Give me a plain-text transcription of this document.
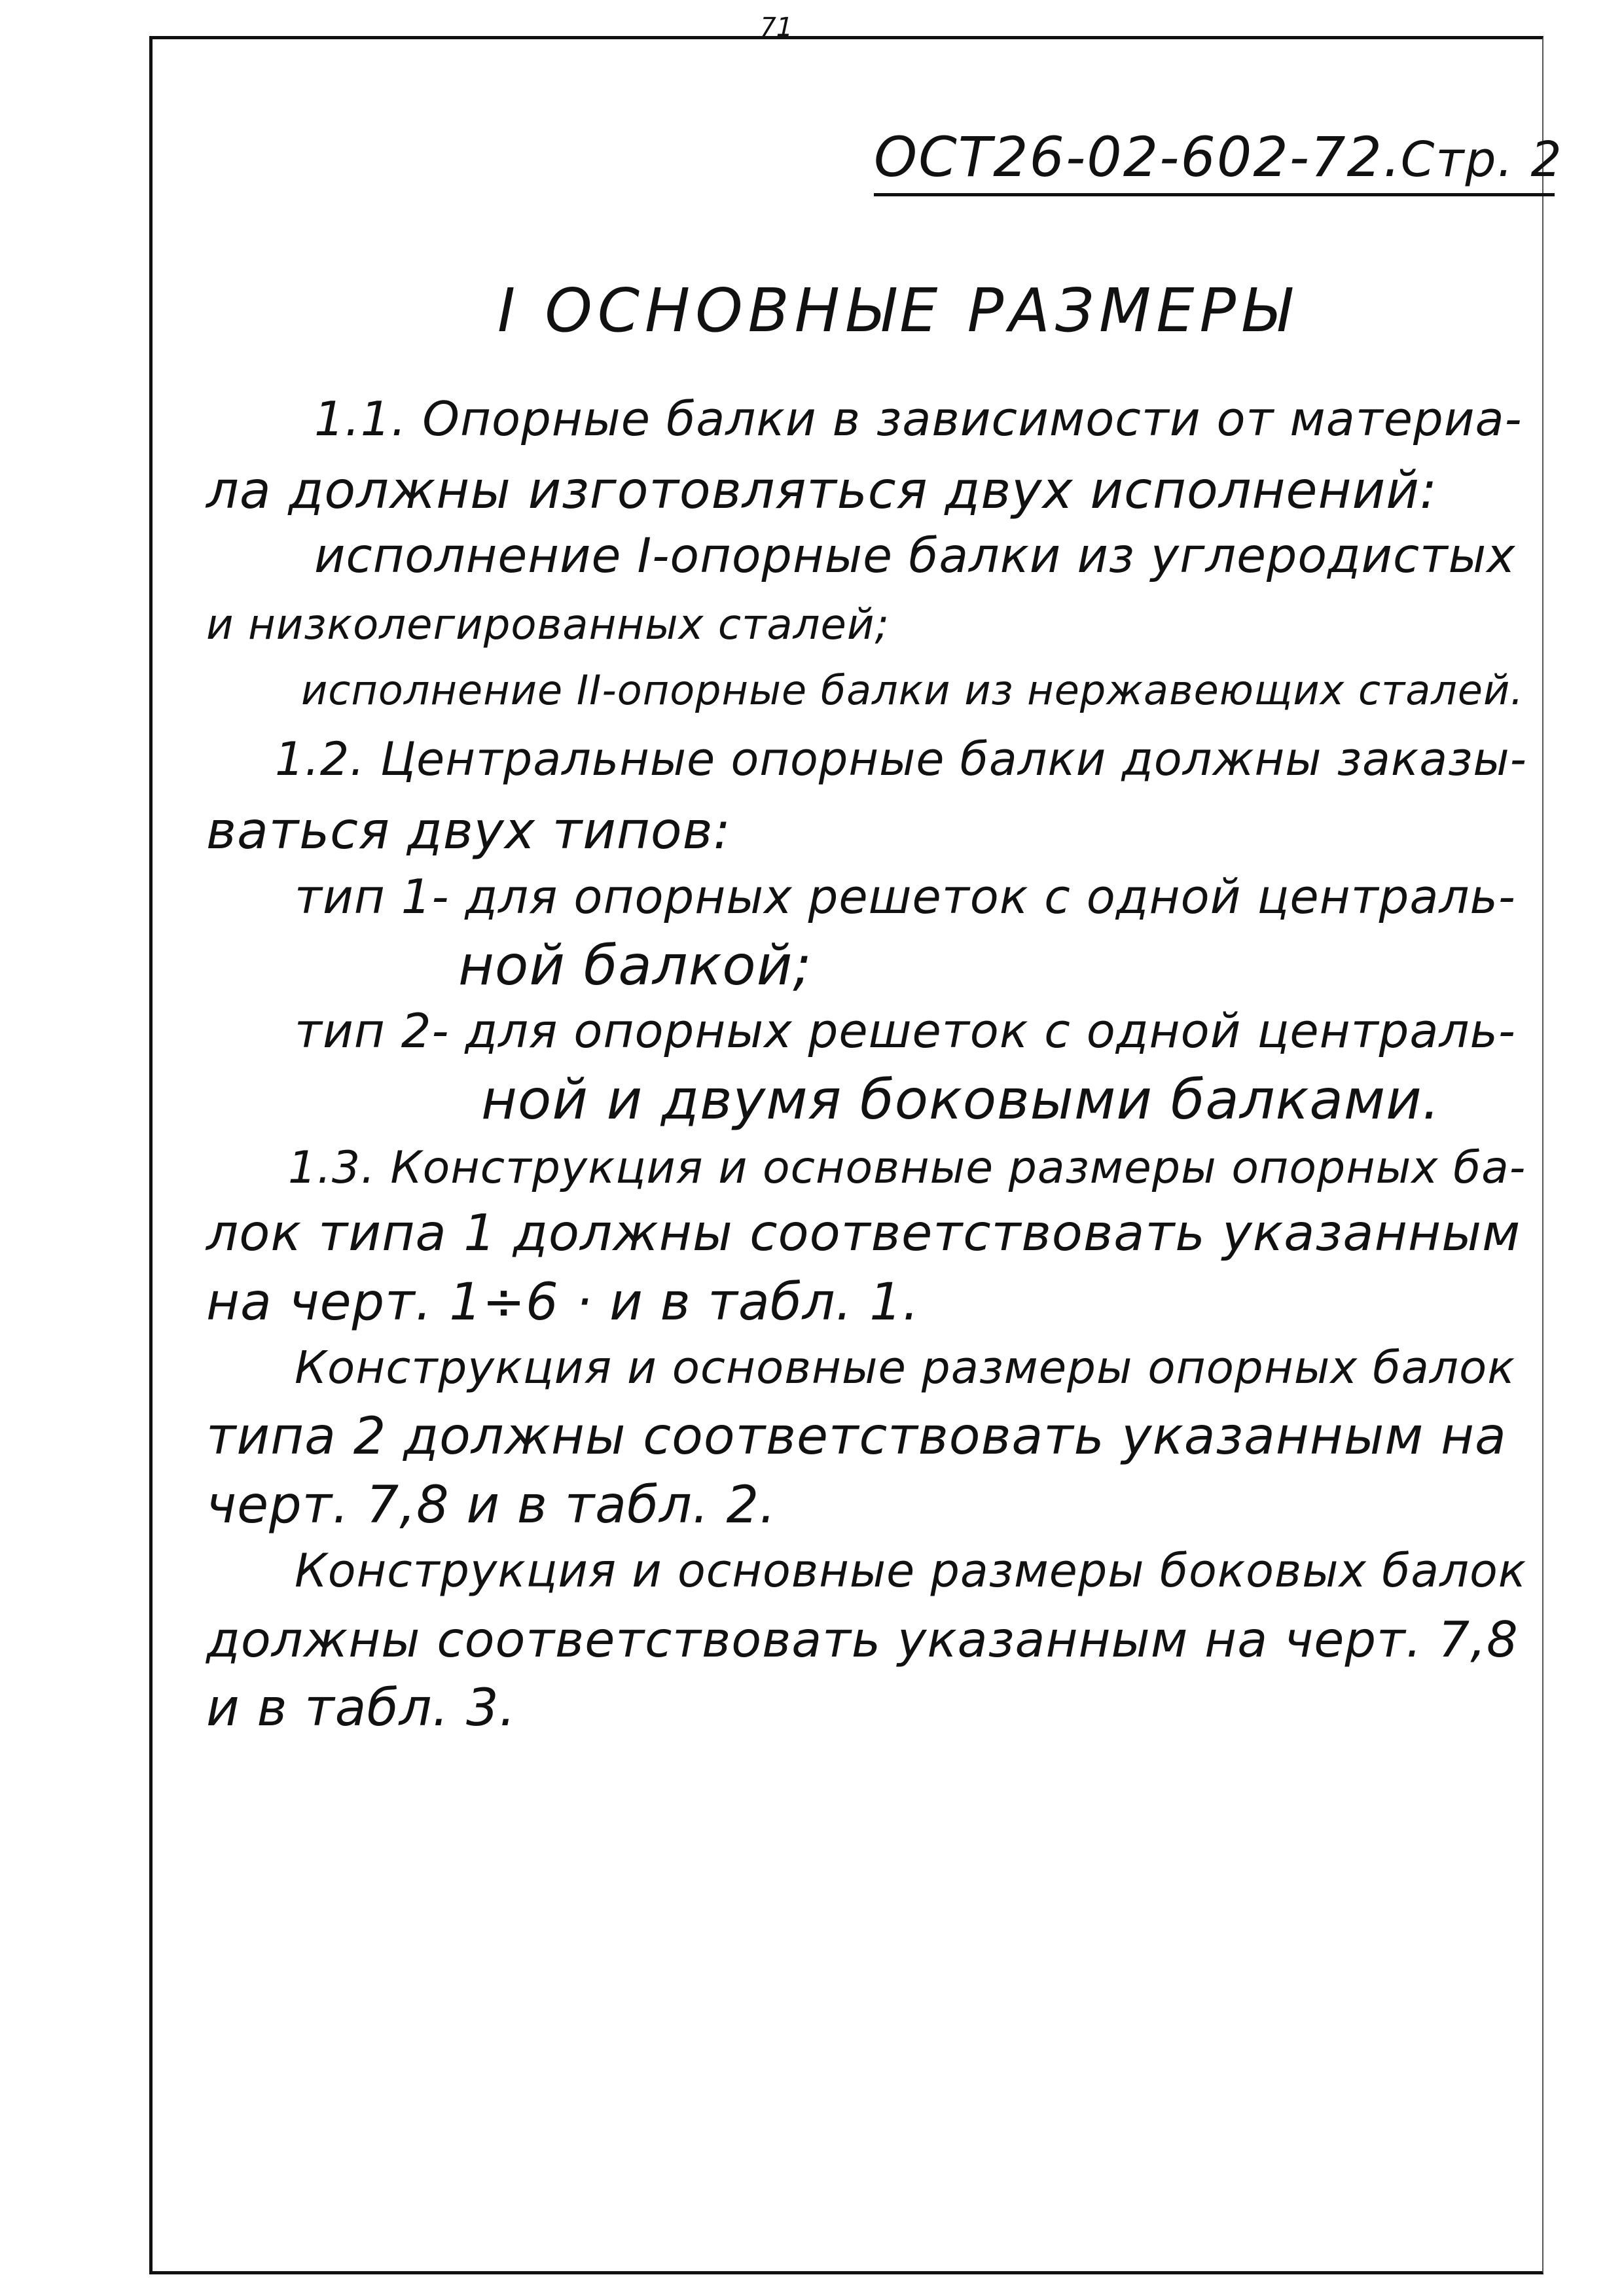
71
ОСТ26-02-602-72.Стр. 2
I ОСНОВНЫЕ РАЗМЕРЫ
1.1. Опорные балки в зависимости от материа-
ла должны изготовляться двух исполнений:
исполнение I-опорные балки из углеродистых
и низколегированных сталей;
исполнение II-опорные балки из нержавеющих сталей.
1.2. Центральные опорные балки должны заказы-
ваться двух типов:
тип 1- для опорных решеток с одной централь-
ной балкой;
тип 2- для опорных решеток с одной централь-
ной и двумя боковыми балками.
1.3. Конструкция и основные размеры опорных ба-
лок типа 1 должны соответствовать указанным
на черт. 1÷6 · и в табл. 1.
Конструкция и основные размеры опорных балок
типа 2 должны соответствовать указанным на
черт. 7,8 и в табл. 2.
Конструкция и основные размеры боковых балок
должны соответствовать указанным на черт. 7,8
и в табл. 3.
